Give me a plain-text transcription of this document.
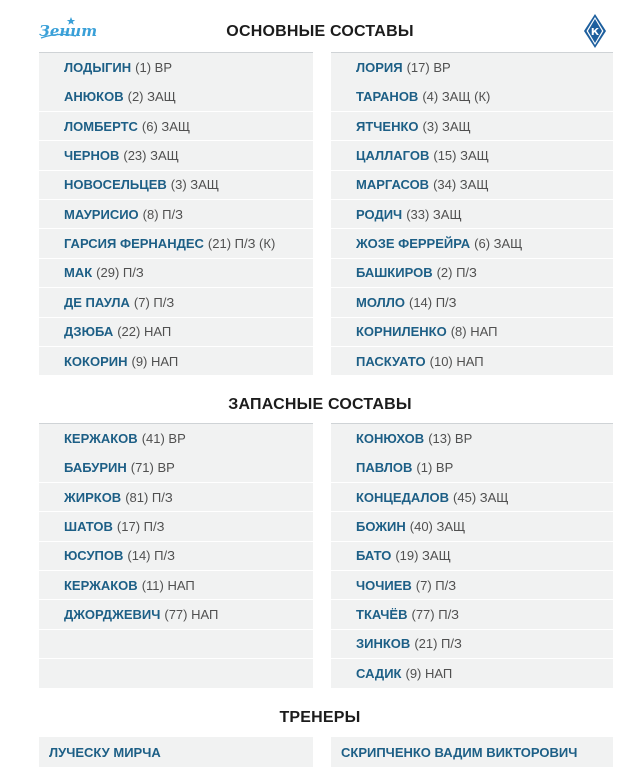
Зенит	К
ОСНОВНЫЕ СОСТАВЫ
ЗАПАСНЫЕ СОСТАВЫ
ТРЕНЕРЫ
ЛОДЫГИН (1) ВР
АНЮКОВ (2) ЗАЩ
ЛОМБЕРТС (6) ЗАЩ
ЧЕРНОВ (23) ЗАЩ
НОВОСЕЛЬЦЕВ (3) ЗАЩ
МАУРИСИО (8) П/З
ГАРСИЯ ФЕРНАНДЕС (21) П/З (К)
МАК (29) П/З
ДЕ ПАУЛА (7) П/З
ДЗЮБА (22) НАП
КОКОРИН (9) НАП
ЛОРИЯ (17) ВР
ТАРАНОВ (4) ЗАЩ (К)
ЯТЧЕНКО (3) ЗАЩ
ЦАЛЛАГОВ (15) ЗАЩ
МАРГАСОВ (34) ЗАЩ
РОДИЧ (33) ЗАЩ
ЖОЗЕ ФЕРРЕЙРА (6) ЗАЩ
БАШКИРОВ (2) П/З
МОЛЛО (14) П/З
КОРНИЛЕНКО (8) НАП
ПАСКУАТО (10) НАП
КЕРЖАКОВ (41) ВР
БАБУРИН (71) ВР
ЖИРКОВ (81) П/З
ШАТОВ (17) П/З
ЮСУПОВ (14) П/З
КЕРЖАКОВ (11) НАП
ДЖОРДЖЕВИЧ (77) НАП
КОНЮХОВ (13) ВР
ПАВЛОВ (1) ВР
КОНЦЕДАЛОВ (45) ЗАЩ
БОЖИН (40) ЗАЩ
БАТО (19) ЗАЩ
ЧОЧИЕВ (7) П/З
ТКАЧЁВ (77) П/З
ЗИНКОВ (21) П/З
САДИК (9) НАП
ЛУЧЕСКУ МИРЧА	СКРИПЧЕНКО ВАДИМ ВИКТОРОВИЧ
